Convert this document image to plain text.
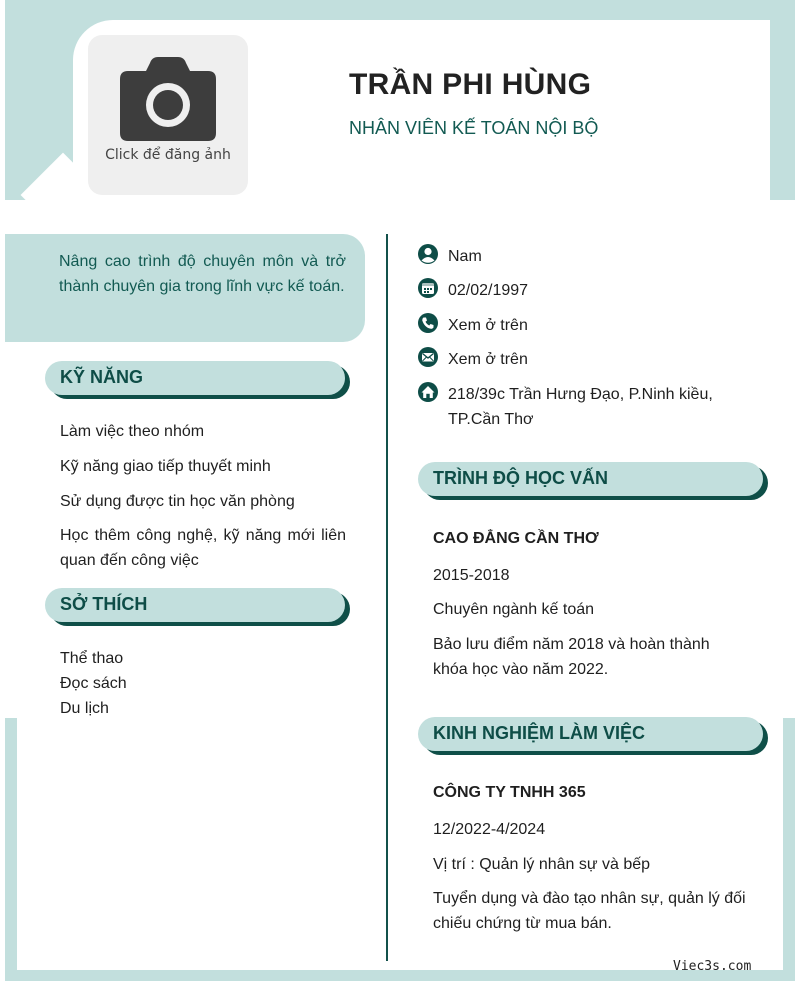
Click để đăng ảnh
TRẦN PHI HÙNG
NHÂN VIÊN KẾ TOÁN NỘI BỘ
Nâng cao trình độ chuyên môn và trở thành chuyên gia trong lĩnh vực kế toán.
KỸ NĂNG
Làm việc theo nhóm
Kỹ năng giao tiếp thuyết minh
Sử dụng được tin học văn phòng
Học thêm công nghệ, kỹ năng mới liên quan đến công việc
SỞ THÍCH
Thể thao
Đọc sách
Du lịch
Nam
02/02/1997
Xem ở trên
Xem ở trên
218/39c Trần Hưng Đạo, P.Ninh kiều, TP.Cần Thơ
TRÌNH ĐỘ HỌC VẤN
CAO ĐẲNG CẦN THƠ
2015-2018
Chuyên ngành kế toán
Bảo lưu điểm năm 2018 và hoàn thành khóa học vào năm 2022.
KINH NGHIỆM LÀM VIỆC
CÔNG TY TNHH 365
12/2022-4/2024
Vị trí : Quản lý nhân sự và bếp
Tuyển dụng và đào tạo nhân sự, quản lý đối chiếu chứng từ mua bán.
Viec3s.com
